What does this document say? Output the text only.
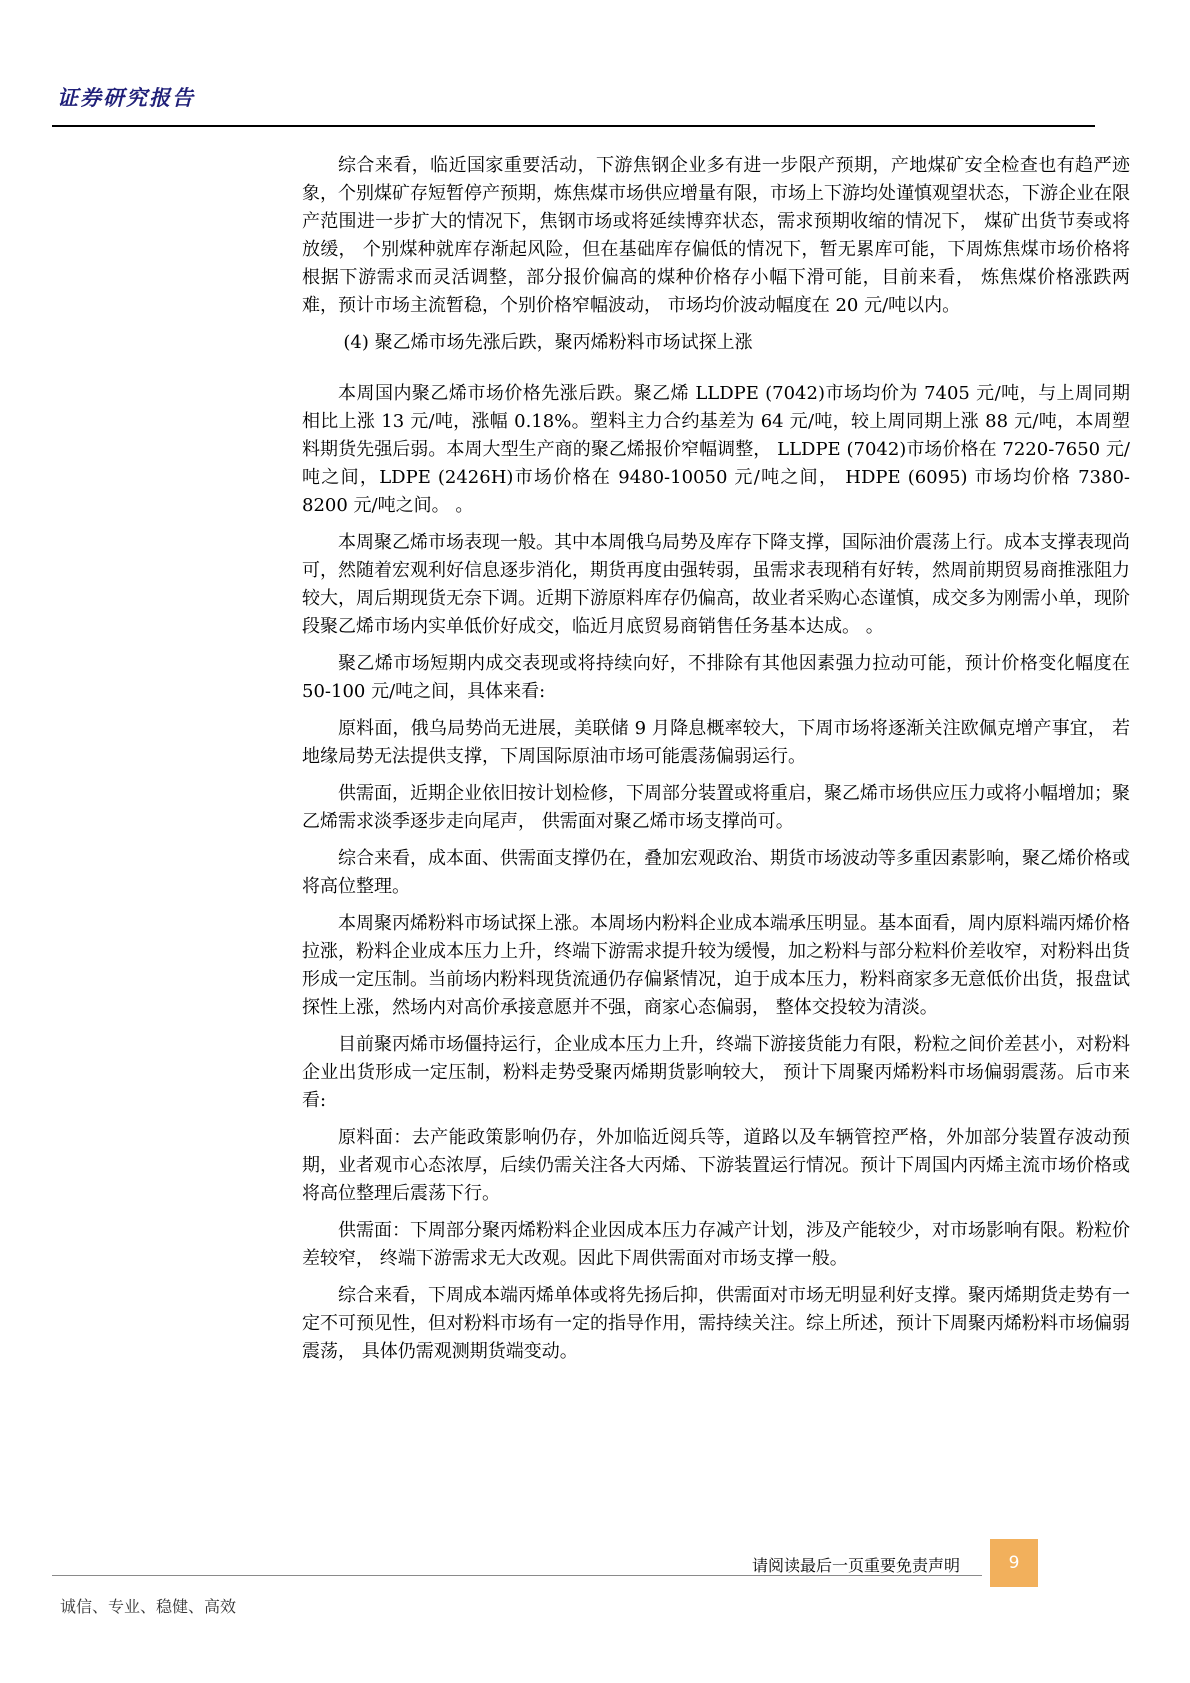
证券研究报告

综合来看，临近国家重要活动，下游焦钢企业多有进一步限产预期，产地煤矿安全检查也有趋严迹象，个别煤矿存短暂停产预期，炼焦煤市场供应增量有限，市场上下游均处谨慎观望状态，下游企业在限产范围进一步扩大的情况下，焦钢市场或将延续博弈状态，需求预期收缩的情况下， 煤矿出货节奏或将放缓， 个别煤种就库存渐起风险，但在基础库存偏低的情况下，暂无累库可能，下周炼焦煤市场价格将根据下游需求而灵活调整，部分报价偏高的煤种价格存小幅下滑可能，目前来看， 炼焦煤价格涨跌两难，预计市场主流暂稳，个别价格窄幅波动， 市场均价波动幅度在 20 元/吨以内。

(4) 聚乙烯市场先涨后跌，聚丙烯粉料市场试探上涨

本周国内聚乙烯市场价格先涨后跌。聚乙烯 LLDPE (7042)市场均价为 7405 元/吨，与上周同期相比上涨 13 元/吨，涨幅 0.18%。塑料主力合约基差为 64 元/吨，较上周同期上涨 88 元/吨，本周塑料期货先强后弱。本周大型生产商的聚乙烯报价窄幅调整， LLDPE (7042)市场价格在 7220-7650 元/吨之间，LDPE (2426H)市场价格在 9480-10050 元/吨之间， HDPE (6095) 市场均价格 7380-8200 元/吨之间。 。

本周聚乙烯市场表现一般。其中本周俄乌局势及库存下降支撑，国际油价震荡上行。成本支撑表现尚可，然随着宏观利好信息逐步消化，期货再度由强转弱，虽需求表现稍有好转，然周前期贸易商推涨阻力较大，周后期现货无奈下调。近期下游原料库存仍偏高，故业者采购心态谨慎，成交多为刚需小单，现阶段聚乙烯市场内实单低价好成交，临近月底贸易商销售任务基本达成。 。

聚乙烯市场短期内成交表现或将持续向好，不排除有其他因素强力拉动可能，预计价格变化幅度在 50-100 元/吨之间，具体来看:

原料面，俄乌局势尚无进展，美联储 9 月降息概率较大，下周市场将逐渐关注欧佩克增产事宜， 若地缘局势无法提供支撑，下周国际原油市场可能震荡偏弱运行。

供需面，近期企业依旧按计划检修，下周部分装置或将重启，聚乙烯市场供应压力或将小幅增加；聚乙烯需求淡季逐步走向尾声， 供需面对聚乙烯市场支撑尚可。

综合来看，成本面、供需面支撑仍在，叠加宏观政治、期货市场波动等多重因素影响，聚乙烯价格或将高位整理。

本周聚丙烯粉料市场试探上涨。本周场内粉料企业成本端承压明显。基本面看，周内原料端丙烯价格拉涨，粉料企业成本压力上升，终端下游需求提升较为缓慢，加之粉料与部分粒料价差收窄，对粉料出货形成一定压制。当前场内粉料现货流通仍存偏紧情况，迫于成本压力，粉料商家多无意低价出货，报盘试探性上涨，然场内对高价承接意愿并不强，商家心态偏弱， 整体交投较为清淡。

目前聚丙烯市场僵持运行，企业成本压力上升，终端下游接货能力有限，粉粒之间价差甚小，对粉料企业出货形成一定压制，粉料走势受聚丙烯期货影响较大， 预计下周聚丙烯粉料市场偏弱震荡。后市来看:

原料面：去产能政策影响仍存，外加临近阅兵等，道路以及车辆管控严格，外加部分装置存波动预期，业者观市心态浓厚，后续仍需关注各大丙烯、下游装置运行情况。预计下周国内丙烯主流市场价格或将高位整理后震荡下行。

供需面：下周部分聚丙烯粉料企业因成本压力存减产计划，涉及产能较少，对市场影响有限。粉粒价差较窄， 终端下游需求无大改观。因此下周供需面对市场支撑一般。

综合来看，下周成本端丙烯单体或将先扬后抑，供需面对市场无明显利好支撑。聚丙烯期货走势有一定不可预见性，但对粉料市场有一定的指导作用，需持续关注。综上所述，预计下周聚丙烯粉料市场偏弱震荡， 具体仍需观测期货端变动。

请阅读最后一页重要免责声明	9
诚信、专业、稳健、高效
